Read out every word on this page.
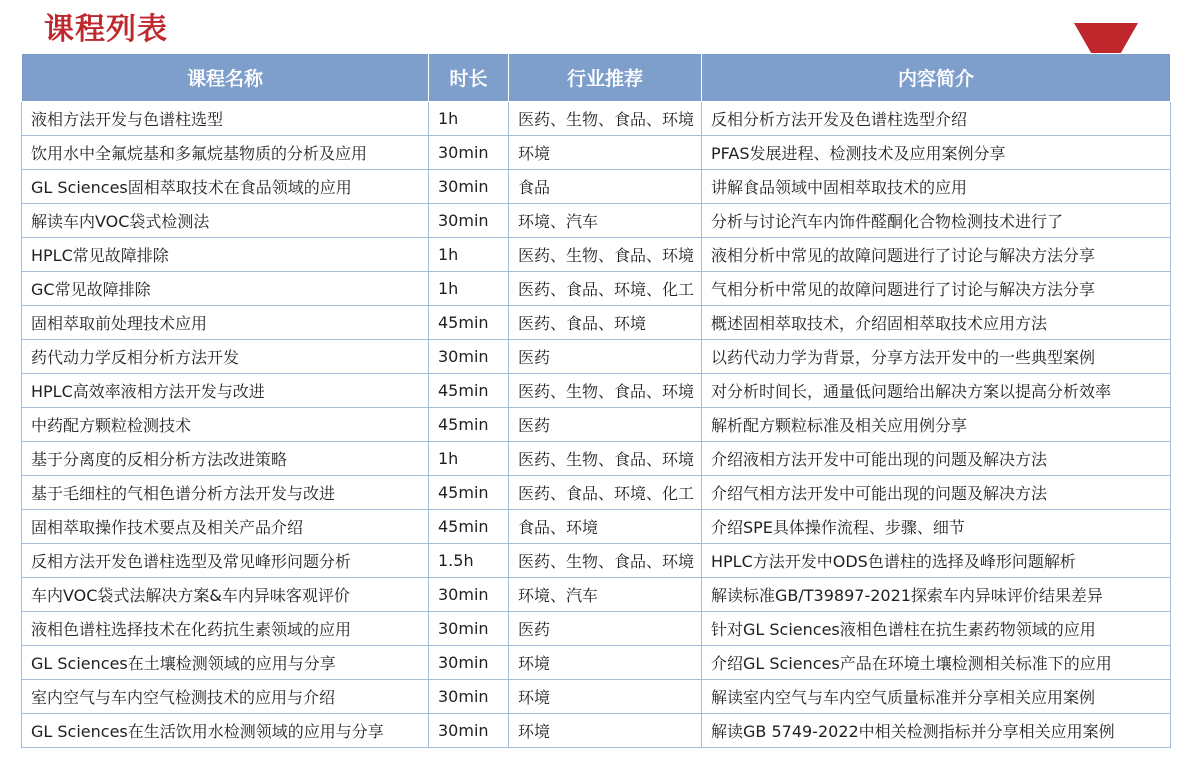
课程列表
课程名称	时长	行业推荐	内容简介
液相方法开发与色谱柱选型	1h	医药、生物、食品、环境	反相分析方法开发及色谱柱选型介绍
饮用水中全氟烷基和多氟烷基物质的分析及应用	30min	环境	PFAS发展进程、检测技术及应用案例分享
GL Sciences固相萃取技术在食品领域的应用	30min	食品	讲解食品领域中固相萃取技术的应用
解读车内VOC袋式检测法	30min	环境、汽车	分析与讨论汽车内饰件醛酮化合物检测技术进行了
HPLC常见故障排除	1h	医药、生物、食品、环境	液相分析中常见的故障问题进行了讨论与解决方法分享
GC常见故障排除	1h	医药、食品、环境、化工	气相分析中常见的故障问题进行了讨论与解决方法分享
固相萃取前处理技术应用	45min	医药、食品、环境	概述固相萃取技术，介绍固相萃取技术应用方法
药代动力学反相分析方法开发	30min	医药	以药代动力学为背景，分享方法开发中的一些典型案例
HPLC高效率液相方法开发与改进	45min	医药、生物、食品、环境	对分析时间长，通量低问题给出解决方案以提高分析效率
中药配方颗粒检测技术	45min	医药	解析配方颗粒标准及相关应用例分享
基于分离度的反相分析方法改进策略	1h	医药、生物、食品、环境	介绍液相方法开发中可能出现的问题及解决方法
基于毛细柱的气相色谱分析方法开发与改进	45min	医药、食品、环境、化工	介绍气相方法开发中可能出现的问题及解决方法
固相萃取操作技术要点及相关产品介绍	45min	食品、环境	介绍SPE具体操作流程、步骤、细节
反相方法开发色谱柱选型及常见峰形问题分析	1.5h	医药、生物、食品、环境	HPLC方法开发中ODS色谱柱的选择及峰形问题解析
车内VOC袋式法解决方案&车内异味客观评价	30min	环境、汽车	解读标准GB/T39897-2021探索车内异味评价结果差异
液相色谱柱选择技术在化药抗生素领域的应用	30min	医药	针对GL Sciences液相色谱柱在抗生素药物领域的应用
GL Sciences在土壤检测领域的应用与分享	30min	环境	介绍GL Sciences产品在环境土壤检测相关标准下的应用
室内空气与车内空气检测技术的应用与介绍	30min	环境	解读室内空气与车内空气质量标准并分享相关应用案例
GL Sciences在生活饮用水检测领域的应用与分享	30min	环境	解读GB 5749-2022中相关检测指标并分享相关应用案例
